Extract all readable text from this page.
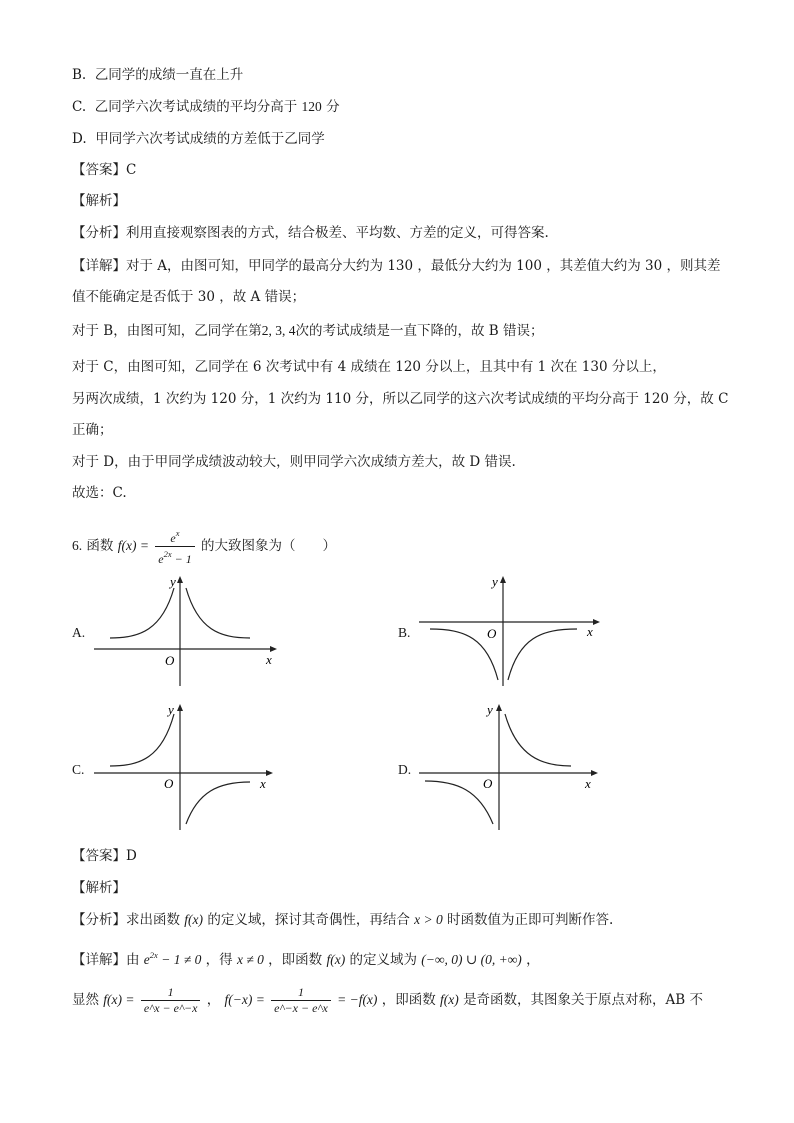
B. 乙同学的成绩一直在上升
C. 乙同学六次考试成绩的平均分高于 120 分
D. 甲同学六次考试成绩的方差低于乙同学
【答案】C
【解析】
【分析】利用直接观察图表的方式，结合极差、平均数、方差的定义，可得答案.
【详解】对于 A，由图可知，甲同学的最高分大约为 130 ，最低分大约为 100 ，其差值大约为 30 ，则其差
值不能确定是否低于 30 ，故 A 错误；
对于 B，由图可知，乙同学在第2, 3, 4次的考试成绩是一直下降的，故 B 错误；
对于 C，由图可知，乙同学在 6 次考试中有 4 成绩在 120 分以上，且其中有 1 次在 130 分以上，
另两次成绩，1 次约为 120 分，1 次约为 110 分，所以乙同学的这六次考试成绩的平均分高于 120 分，故 C
正确；
对于 D，由于甲同学成绩波动较大，则甲同学六次成绩方差大，故 D 错误.
故选：C.
6. 函数 $f(x) = \frac{e^x}{e^{2x} - 1}$ 的大致图象为（　　）
A.
x
y
O
B.	x
y
O
C.
x
y
O
D.
x
y
O
【答案】D
【解析】
【分析】求出函数 f(x) 的定义域，探讨其奇偶性，再结合 x > 0 时函数值为正即可判断作答.
【详解】由 $e^{2x} - 1 \ne 0$ ，得 x ≠ 0 ，即函数 f(x) 的定义域为 (−∞, 0) ∪ (0, +∞) ，
显然 $f(x) = \frac{1}{e\^{}x - e\^{}-x}$ ， $f(-x) = \frac{1}{e\^{}-x - e\^{}x} = -f(x)$ ，即函数 f(x) 是奇函数，其图象关于原点对称，AB 不
